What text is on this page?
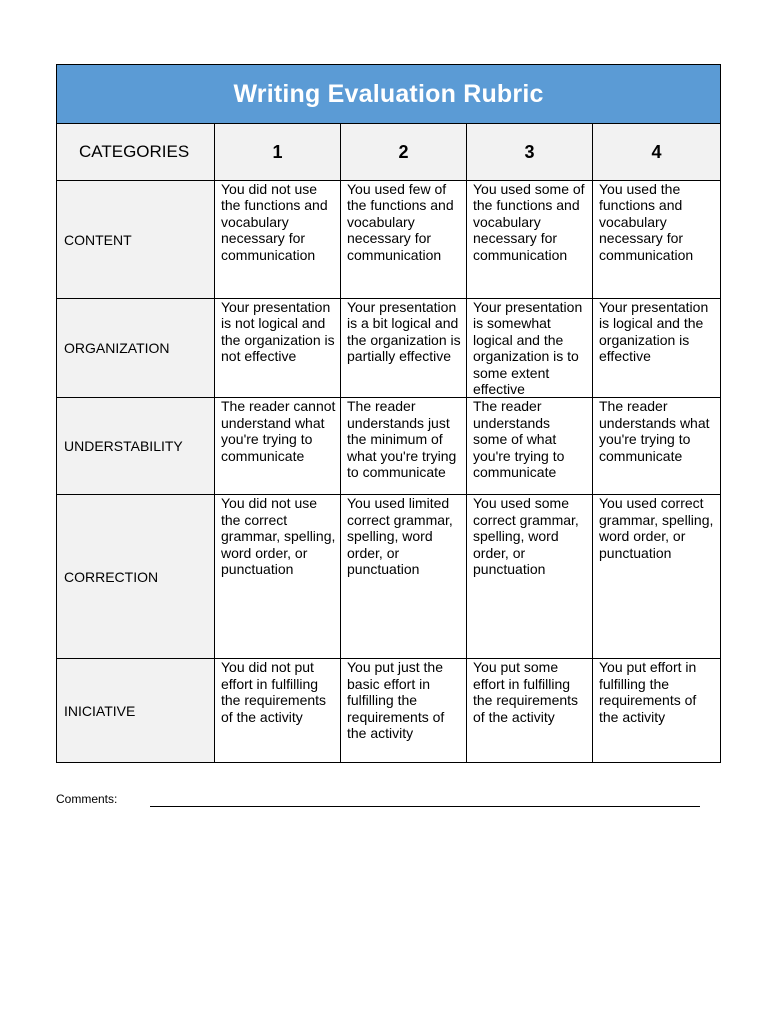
Writing Evaluation Rubric				
CATEGORIES	1	2	3	4
CONTENT	You did not use the functions and vocabulary necessary for communication	You used few of the functions and vocabulary necessary for communication	You used some of the functions and vocabulary necessary for communication	You used the functions and vocabulary necessary for communication
ORGANIZATION	Your presentation is not logical and the organization is not effective	Your presentation is a bit logical and the organization is partially effective	Your presentation is somewhat logical and the organization is to some extent effective	Your presentation is logical and the organization is effective
UNDERSTABILITY	The reader cannot understand what you're trying to communicate	The reader understands just the minimum of what you're trying to communicate	The reader understands some of what you're trying to communicate	The reader understands what you're trying to communicate
CORRECTION	You did not use the correct grammar, spelling, word order, or punctuation	You used limited correct grammar, spelling, word order, or punctuation	You used some correct grammar, spelling, word order, or punctuation	You used correct grammar, spelling, word order, or punctuation
INICIATIVE	You did not put effort in fulfilling the requirements of the activity	You put just the basic effort in fulfilling the requirements of the activity	You put some effort in fulfilling the requirements of the activity	You put effort in fulfilling the requirements of the activity
Comments:
